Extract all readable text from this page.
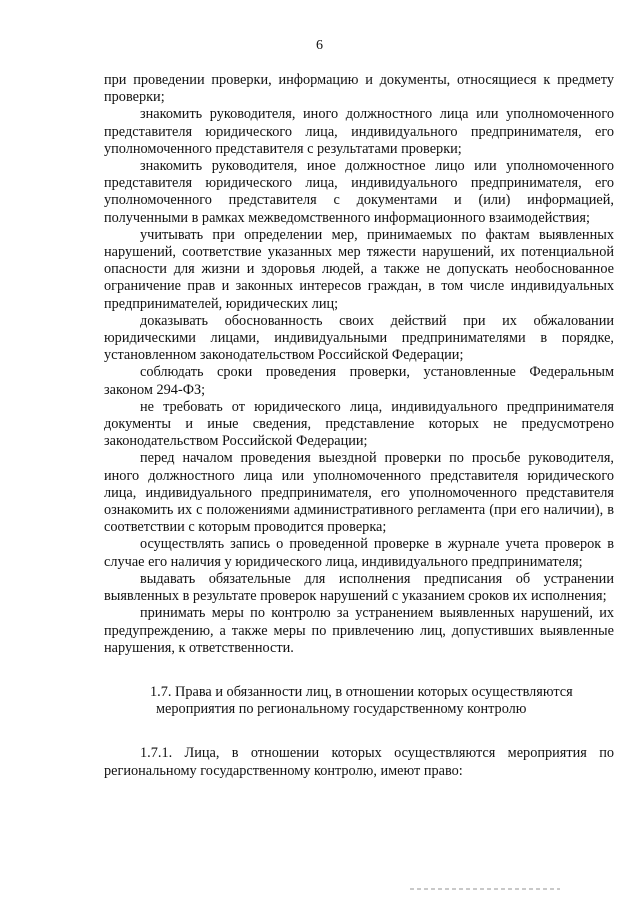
6

при проведении проверки, информацию и документы, относящиеся к предмету проверки;

знакомить руководителя, иного должностного лица или уполномоченного представителя юридического лица, индивидуального предпринимателя, его уполномоченного представителя с результатами проверки;

знакомить руководителя, иное должностное лицо или уполномоченного представителя юридического лица, индивидуального предпринимателя, его уполномоченного представителя с документами и (или) информацией, полученными в рамках межведомственного информационного взаимодействия;

учитывать при определении мер, принимаемых по фактам выявленных нарушений, соответствие указанных мер тяжести нарушений, их потенциальной опасности для жизни и здоровья людей, а также не допускать необоснованное ограничение прав и законных интересов граждан, в том числе индивидуальных предпринимателей, юридических лиц;

доказывать обоснованность своих действий при их обжаловании юридическими лицами, индивидуальными предпринимателями в порядке, установленном законодательством Российской Федерации;

соблюдать сроки проведения проверки, установленные Федеральным законом 294-ФЗ;

не требовать от юридического лица, индивидуального предпринимателя документы и иные сведения, представление которых не предусмотрено законодательством Российской Федерации;

перед началом проведения выездной проверки по просьбе руководителя, иного должностного лица или уполномоченного представителя юридического лица, индивидуального предпринимателя, его уполномоченного представителя ознакомить их с положениями административного регламента (при его наличии), в соответствии с которым проводится проверка;

осуществлять запись о проведенной проверке в журнале учета проверок в случае его наличия у юридического лица, индивидуального предпринимателя;

выдавать обязательные для исполнения предписания об устранении выявленных в результате проверок нарушений с указанием сроков их исполнения;

принимать меры по контролю за устранением выявленных нарушений, их предупреждению, а также меры по привлечению лиц, допустивших выявленные нарушения, к ответственности.

1.7. Права и обязанности лиц, в отношении которых осуществляются
мероприятия по региональному государственному контролю

1.7.1. Лица, в отношении которых осуществляются мероприятия по региональному государственному контролю, имеют право:
